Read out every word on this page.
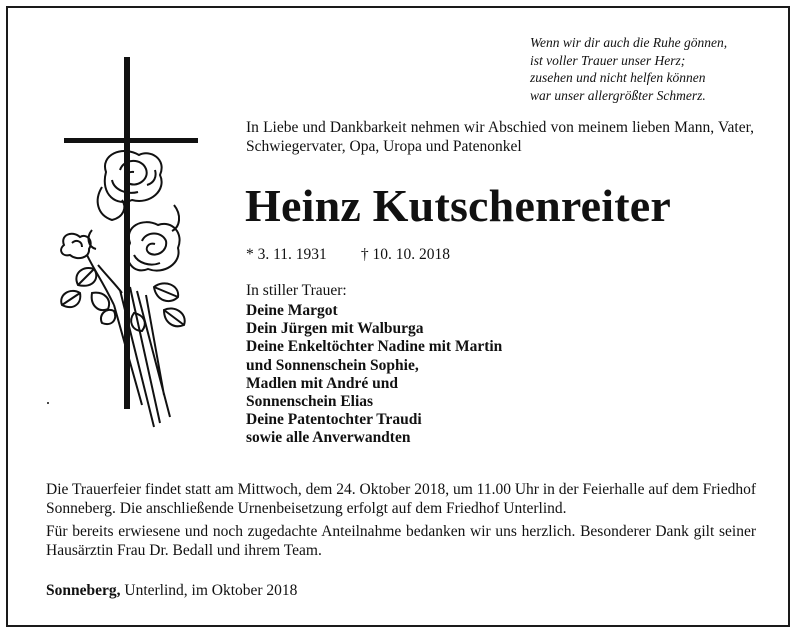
Wenn wir dir auch die Ruhe gönnen,
ist voller Trauer unser Herz;
zusehen und nicht helfen können
war unser allergrößter Schmerz.
In Liebe und Dankbarkeit nehmen wir Abschied von meinem lieben Mann, Vater, Schwiegervater, Opa, Uropa und Patenonkel
Heinz Kutschenreiter
* 3. 11. 1931 † 10. 10. 2018
In stiller Trauer:
Deine Margot
Dein Jürgen mit Walburga
Deine Enkeltöchter Nadine mit Martin
und Sonnenschein Sophie,
Madlen mit André und
Sonnenschein Elias
Deine Patentochter Traudi
sowie alle Anverwandten
Die Trauerfeier findet statt am Mittwoch, dem 24. Oktober 2018, um 11.00 Uhr in der Feierhalle auf dem Friedhof Sonneberg. Die anschließende Urnenbeisetzung erfolgt auf dem Friedhof Unterlind.
Für bereits erwiesene und noch zugedachte Anteilnahme bedanken wir uns herzlich. Besonderer Dank gilt seiner Hausärztin Frau Dr. Bedall und ihrem Team.
Sonneberg, Unterlind, im Oktober 2018
